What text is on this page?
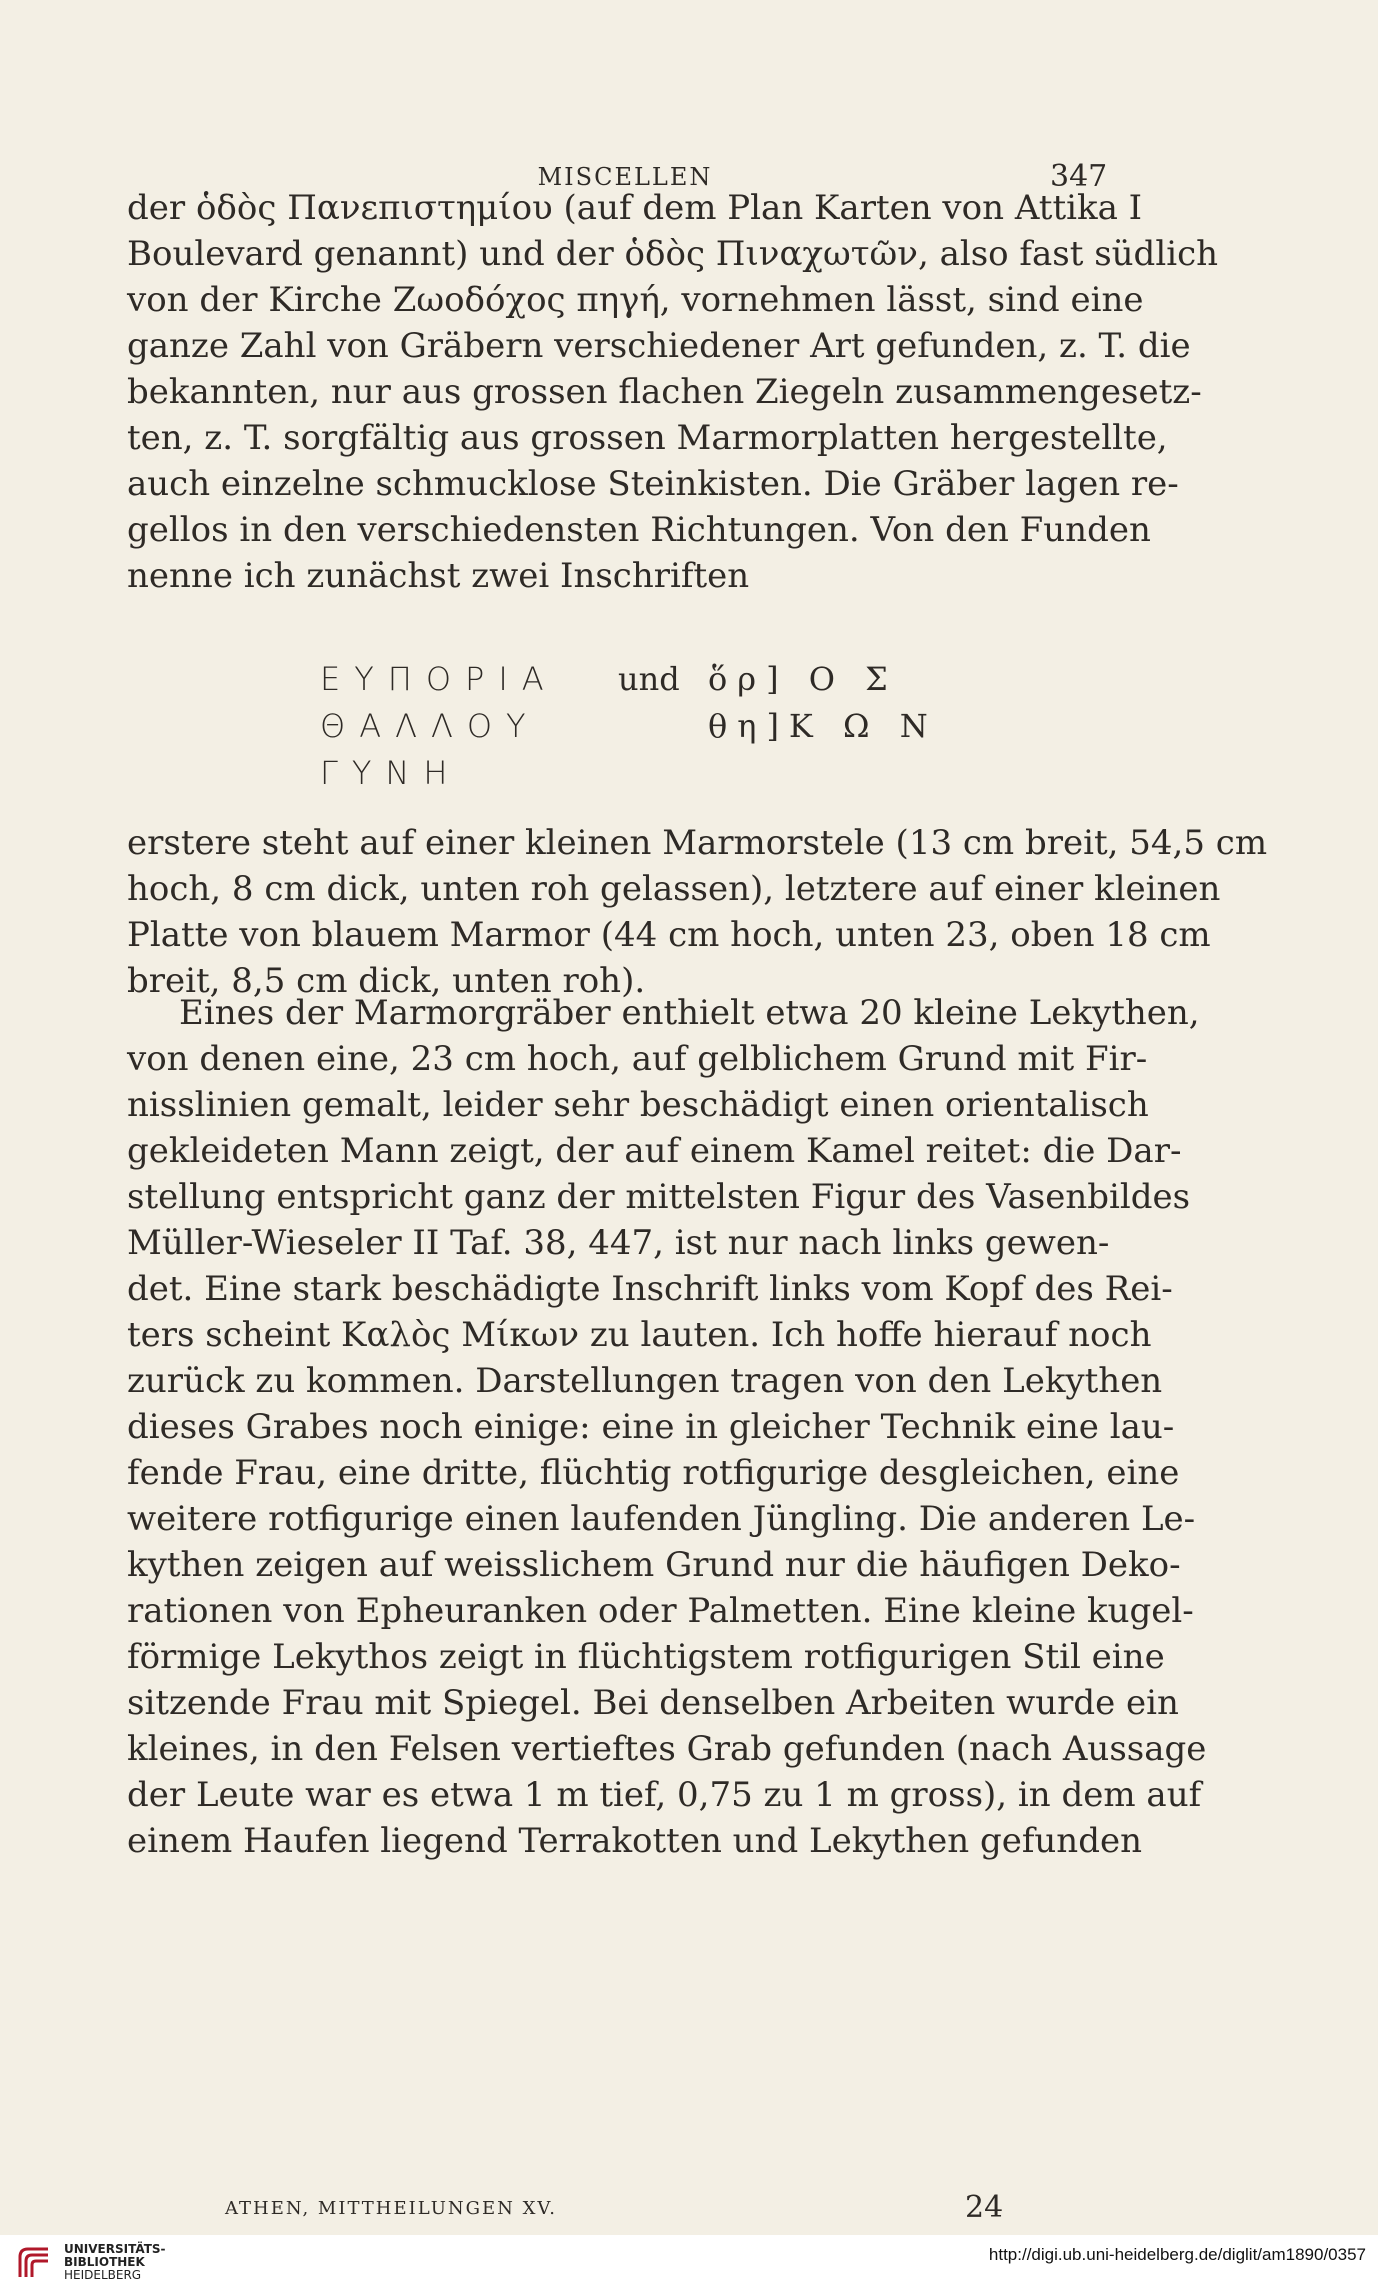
MISCELLEN	347
der ὁδὸς Πανεπιστημίου (auf dem Plan Karten von Attika I
Boulevard genannt) und der ὁδὸς Πιναχωτῶν, also fast südlich
von der Kirche Ζωοδόχος πηγή, vornehmen lässt, sind eine
ganze Zahl von Gräbern verschiedener Art gefunden, z. T. die
bekannten, nur aus grossen flachen Ziegeln zusammengesetz-
ten, z. T. sorgfältig aus grossen Marmorplatten hergestellte,
auch einzelne schmucklose Steinkisten. Die Gräber lagen re-
gellos in den verschiedensten Richtungen. Von den Funden
nenne ich zunächst zwei Inschriften
ΕΥΠΟΡΙΑ
ΘΑΛΛΟΥ
ΓΥΝΗ
und ὅρ] Ο Σ
θη]Κ Ω Ν
erstere steht auf einer kleinen Marmorstele (13 cm breit, 54,5 cm
hoch, 8 cm dick, unten roh gelassen), letztere auf einer kleinen
Platte von blauem Marmor (44 cm hoch, unten 23, oben 18 cm
breit, 8,5 cm dick, unten roh).
Eines der Marmorgräber enthielt etwa 20 kleine Lekythen,
von denen eine, 23 cm hoch, auf gelblichem Grund mit Fir-
nisslinien gemalt, leider sehr beschädigt einen orientalisch
gekleideten Mann zeigt, der auf einem Kamel reitet: die Dar-
stellung entspricht ganz der mittelsten Figur des Vasenbildes
Müller-Wieseler II Taf. 38, 447, ist nur nach links gewen-
det. Eine stark beschädigte Inschrift links vom Kopf des Rei-
ters scheint Καλὸς Μίκων zu lauten. Ich hoffe hierauf noch
zurück zu kommen. Darstellungen tragen von den Lekythen
dieses Grabes noch einige: eine in gleicher Technik eine lau-
fende Frau, eine dritte, flüchtig rotfigurige desgleichen, eine
weitere rotfigurige einen laufenden Jüngling. Die anderen Le-
kythen zeigen auf weisslichem Grund nur die häufigen Deko-
rationen von Epheuranken oder Palmetten. Eine kleine kugel-
förmige Lekythos zeigt in flüchtigstem rotfigurigen Stil eine
sitzende Frau mit Spiegel. Bei denselben Arbeiten wurde ein
kleines, in den Felsen vertieftes Grab gefunden (nach Aussage
der Leute war es etwa 1 m tief, 0,75 zu 1 m gross), in dem auf
einem Haufen liegend Terrakotten und Lekythen gefunden
ATHEN, MITTHEILUNGEN XV.	24
UNIVERSITÄTS-
BIBLIOTHEK
HEIDELBERG
http://digi.ub.uni-heidelberg.de/diglit/am1890/0357
